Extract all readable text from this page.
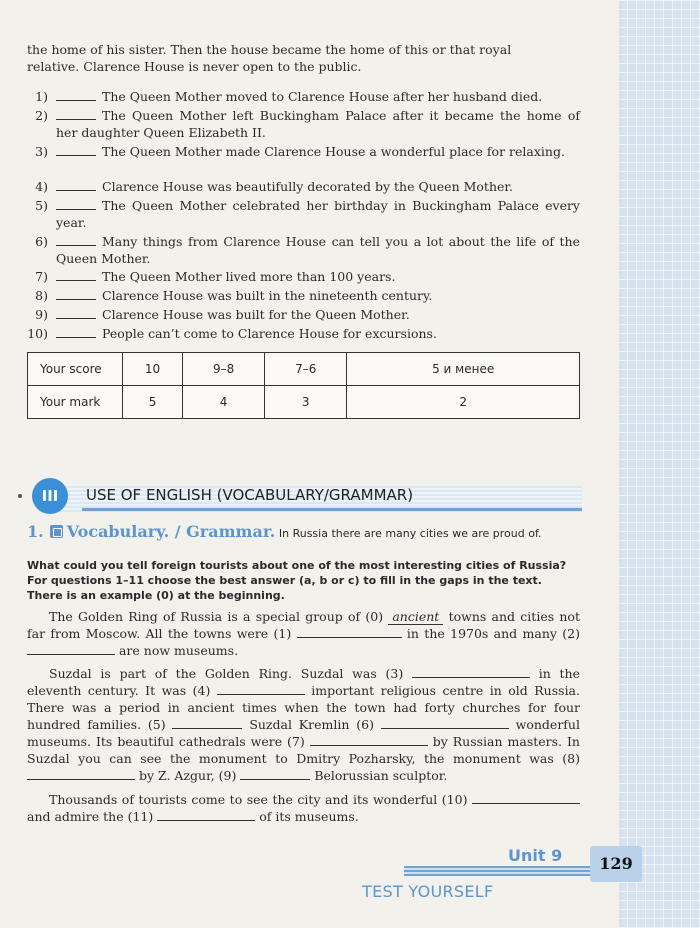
the home of his sister. Then the house became the home of this or that royal
relative. Clarence House is never open to the public.
1)	The Queen Mother moved to Clarence House after her husband died.
2)	The Queen Mother left Buckingham Palace after it became the home of her daughter Queen Elizabeth II.
3)	The Queen Mother made Clarence House a wonderful place for relaxing.
4)	Clarence House was beautifully decorated by the Queen Mother.
5)	The Queen Mother celebrated her birthday in Buckingham Palace every year.
6)	Many things from Clarence House can tell you a lot about the life of the Queen Mother.
7)	The Queen Mother lived more than 100 years.
8)	Clarence House was built in the nineteenth century.
9)	Clarence House was built for the Queen Mother.
10)	People can’t come to Clarence House for excursions.
Your score	10	9–8	7–6	5 и менее
Your mark	5	4	3	2
III	USE OF ENGLISH (VOCABULARY/GRAMMAR)
1. Vocabulary. / Grammar. In Russia there are many cities we are proud of.
What could you tell foreign tourists about one of the most interesting cities of Russia? For questions 1–11 choose the best answer (a, b or c) to fill in the gaps in the text. There is an example (0) at the beginning.
The Golden Ring of Russia is a special group of (0) ancient towns and cities not far from Moscow. All the towns were (1)	in the 1970s and many (2)  are now museums.
Suzdal is part of the Golden Ring. Suzdal was (3)	in the eleventh century. It was (4)	important religious centre in old Russia. There was a period in ancient times when the town had forty churches for four hundred families. (5)	Suzdal Kremlin (6)	wonderful museums. Its beautiful cathedrals were (7)	by Russian masters. In Suzdal you can see the monument to Dmitry Pozharsky, the monument was (8)  by Z. Azgur, (9)	Belorussian sculptor.
Thousands of tourists come to see the city and its wonderful (10)  and admire the (11)	of its museums.
Unit 9
TEST YOURSELF
129
